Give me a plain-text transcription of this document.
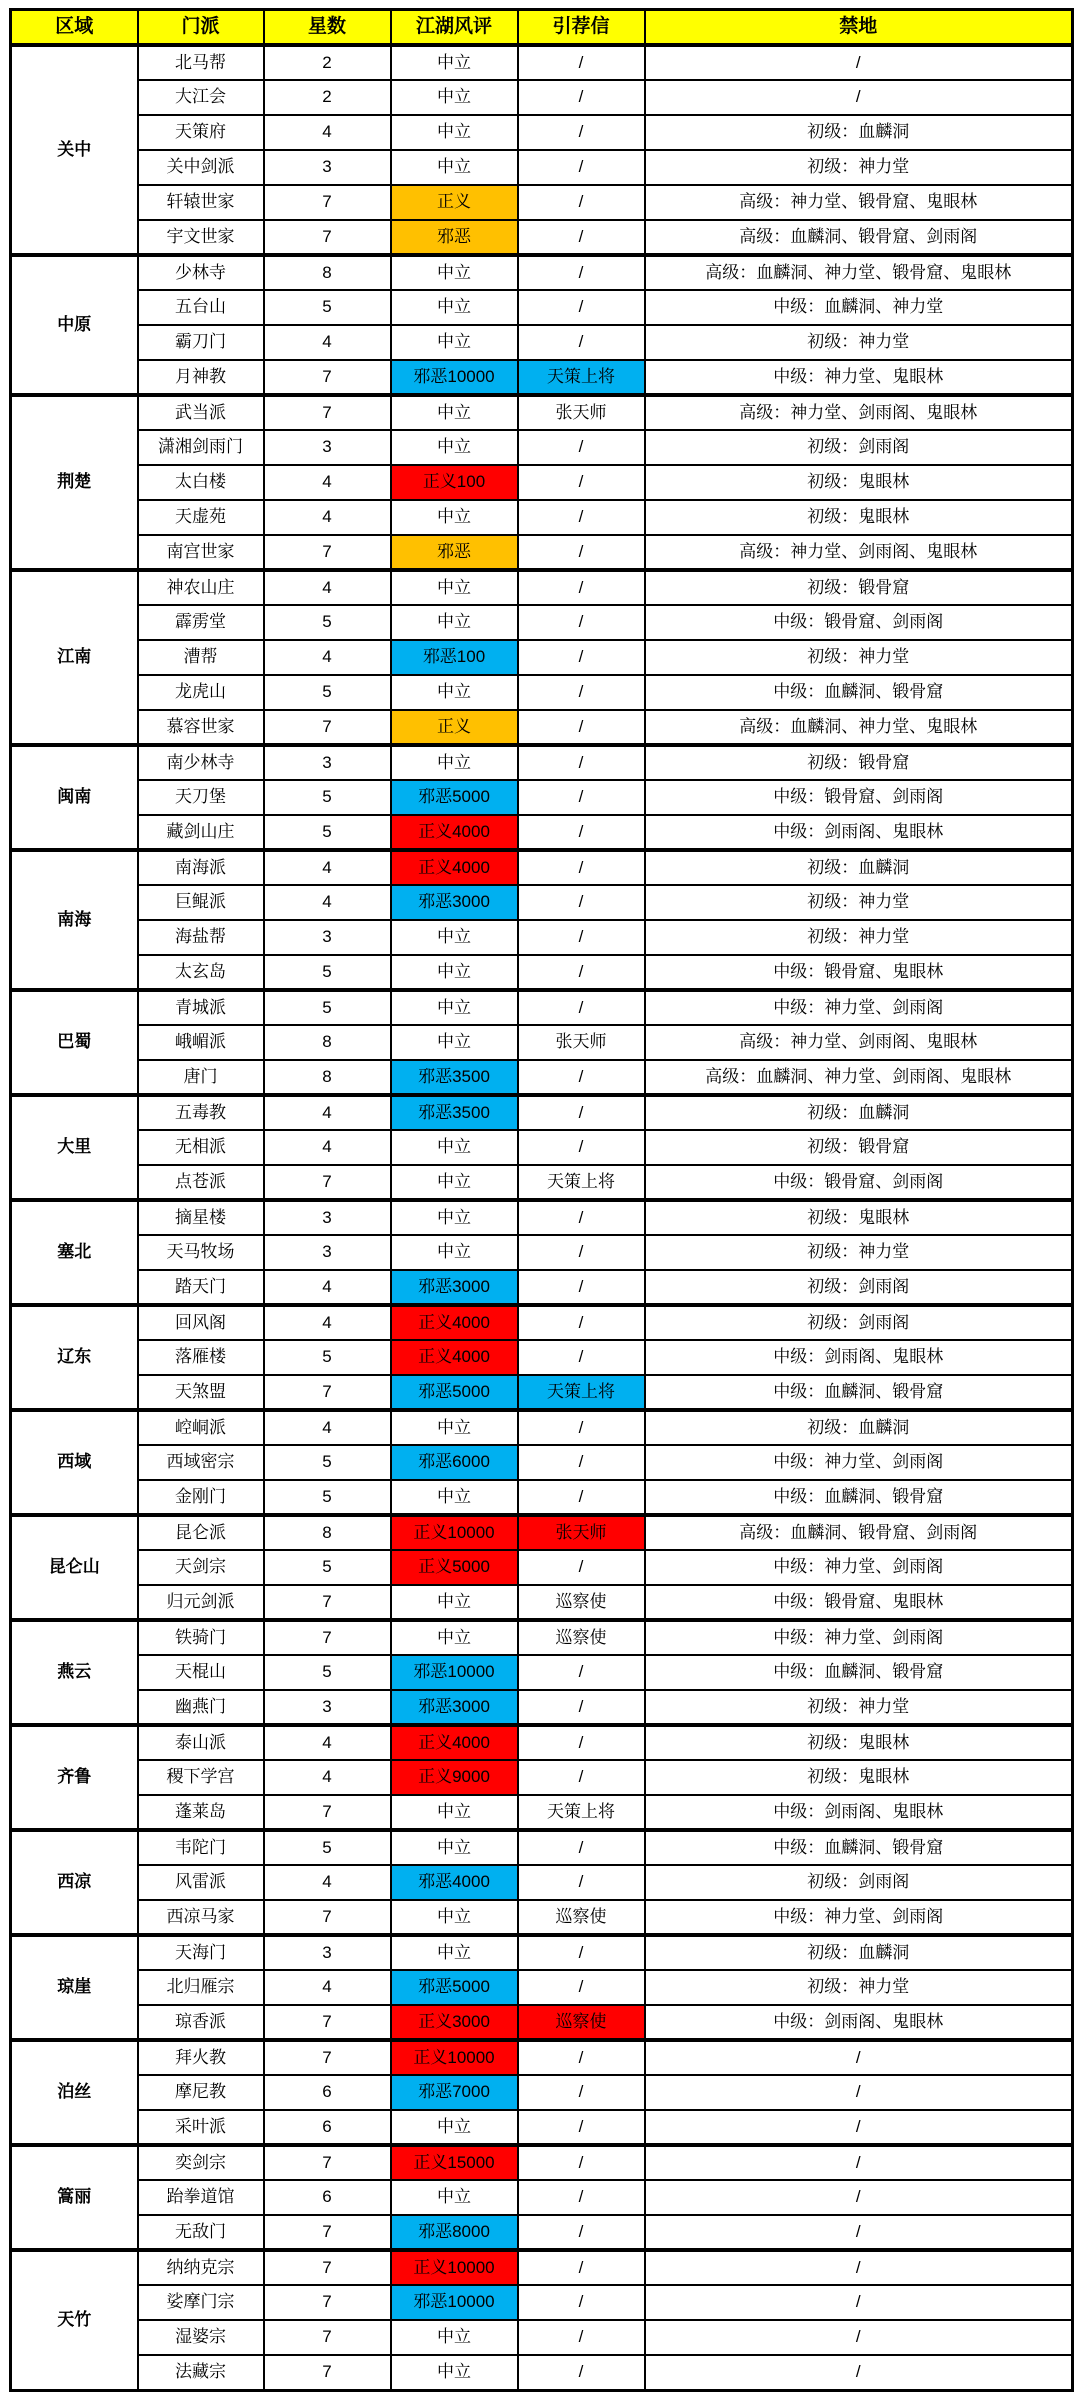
区域	门派	星数	江湖风评	引荐信	禁地
关中	北马帮	2	中立	/	/
	大江会	2	中立	/	/
	天策府	4	中立	/	初级：血麟洞
	关中剑派	3	中立	/	初级：神力堂
	轩辕世家	7	正义	/	高级：神力堂、锻骨窟、鬼眼林
	宇文世家	7	邪恶	/	高级：血麟洞、锻骨窟、剑雨阁
中原	少林寺	8	中立	/	高级：血麟洞、神力堂、锻骨窟、鬼眼林
	五台山	5	中立	/	中级：血麟洞、神力堂
	霸刀门	4	中立	/	初级：神力堂
	月神教	7	邪恶10000	天策上将	中级：神力堂、鬼眼林
荆楚	武当派	7	中立	张天师	高级：神力堂、剑雨阁、鬼眼林
	潇湘剑雨门	3	中立	/	初级：剑雨阁
	太白楼	4	正义100	/	初级：鬼眼林
	天虚苑	4	中立	/	初级：鬼眼林
	南宫世家	7	邪恶	/	高级：神力堂、剑雨阁、鬼眼林
江南	神农山庄	4	中立	/	初级：锻骨窟
	霹雳堂	5	中立	/	中级：锻骨窟、剑雨阁
	漕帮	4	邪恶100	/	初级：神力堂
	龙虎山	5	中立	/	中级：血麟洞、锻骨窟
	慕容世家	7	正义	/	高级：血麟洞、神力堂、鬼眼林
闽南	南少林寺	3	中立	/	初级：锻骨窟
	天刀堡	5	邪恶5000	/	中级：锻骨窟、剑雨阁
	藏剑山庄	5	正义4000	/	中级：剑雨阁、鬼眼林
南海	南海派	4	正义4000	/	初级：血麟洞
	巨鲲派	4	邪恶3000	/	初级：神力堂
	海盐帮	3	中立	/	初级：神力堂
	太玄岛	5	中立	/	中级：锻骨窟、鬼眼林
巴蜀	青城派	5	中立	/	中级：神力堂、剑雨阁
	峨嵋派	8	中立	张天师	高级：神力堂、剑雨阁、鬼眼林
	唐门	8	邪恶3500	/	高级：血麟洞、神力堂、剑雨阁、鬼眼林
大里	五毒教	4	邪恶3500	/	初级：血麟洞
	无相派	4	中立	/	初级：锻骨窟
	点苍派	7	中立	天策上将	中级：锻骨窟、剑雨阁
塞北	摘星楼	3	中立	/	初级：鬼眼林
	天马牧场	3	中立	/	初级：神力堂
	踏天门	4	邪恶3000	/	初级：剑雨阁
辽东	回风阁	4	正义4000	/	初级：剑雨阁
	落雁楼	5	正义4000	/	中级：剑雨阁、鬼眼林
	天煞盟	7	邪恶5000	天策上将	中级：血麟洞、锻骨窟
西域	崆峒派	4	中立	/	初级：血麟洞
	西域密宗	5	邪恶6000	/	中级：神力堂、剑雨阁
	金刚门	5	中立	/	中级：血麟洞、锻骨窟
昆仑山	昆仑派	8	正义10000	张天师	高级：血麟洞、锻骨窟、剑雨阁
	天剑宗	5	正义5000	/	中级：神力堂、剑雨阁
	归元剑派	7	中立	巡察使	中级：锻骨窟、鬼眼林
燕云	铁骑门	7	中立	巡察使	中级：神力堂、剑雨阁
	天棍山	5	邪恶10000	/	中级：血麟洞、锻骨窟
	幽燕门	3	邪恶3000	/	初级：神力堂
齐鲁	泰山派	4	正义4000	/	初级：鬼眼林
	稷下学宫	4	正义9000	/	初级：鬼眼林
	蓬莱岛	7	中立	天策上将	中级：剑雨阁、鬼眼林
西凉	韦陀门	5	中立	/	中级：血麟洞、锻骨窟
	风雷派	4	邪恶4000	/	初级：剑雨阁
	西凉马家	7	中立	巡察使	中级：神力堂、剑雨阁
琼崖	天海门	3	中立	/	初级：血麟洞
	北归雁宗	4	邪恶5000	/	初级：神力堂
	琼香派	7	正义3000	巡察使	中级：剑雨阁、鬼眼林
泊丝	拜火教	7	正义10000	/	/
	摩尼教	6	邪恶7000	/	/
	采叶派	6	中立	/	/
篙丽	奕剑宗	7	正义15000	/	/
	跆拳道馆	6	中立	/	/
	无敌门	7	邪恶8000	/	/
天竹	纳纳克宗	7	正义10000	/	/
	娑摩门宗	7	邪恶10000	/	/
	湿婆宗	7	中立	/	/
	法藏宗	7	中立	/	/
